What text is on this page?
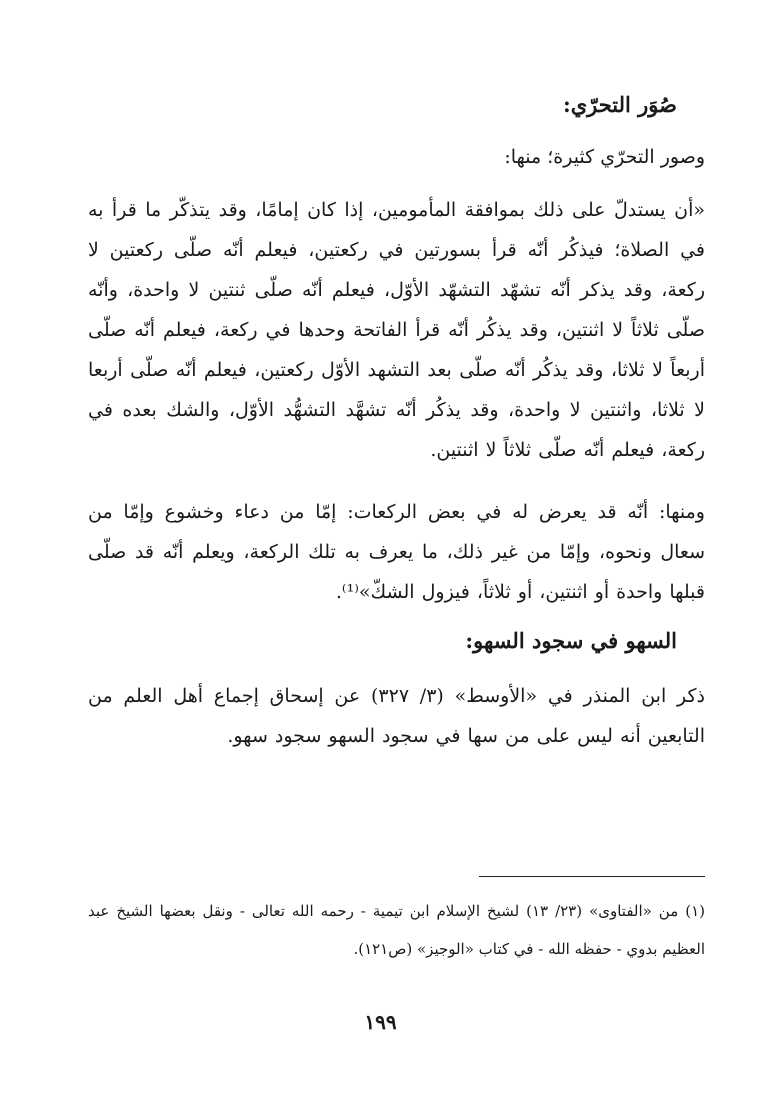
صُوَر التحرّي:
وصور التحرّي كثيرة؛ منها:
«أن يستدلّ على ذلك بموافقة المأمومين، إذا كان إمامًا، وقد يتذكّر ما قرأ به في الصلاة؛ فيذكُر أنّه قرأ بسورتين في ركعتين، فيعلم أنّه صلّى ركعتين لا ركعة، وقد يذكر أنّه تشهّد التشهّد الأوّل، فيعلم أنّه صلّى ثنتين لا واحدة، وأنّه صلّى ثلاثاً لا اثنتين، وقد يذكُر أنّه قرأ الفاتحة وحدها في ركعة، فيعلم أنّه صلّى أربعاً لا ثلاثا، وقد يذكُر أنّه صلّى بعد التشهد الأوّل ركعتين، فيعلم أنّه صلّى أربعا لا ثلاثا، واثنتين لا واحدة، وقد يذكُر أنّه تشهَّد التشهُّد الأوّل، والشك بعده في ركعة، فيعلم أنّه صلّى ثلاثاً لا اثنتين.
ومنها: أنّه قد يعرض له في بعض الركعات: إمّا من دعاء وخشوع وإمّا من سعال ونحوه، وإمّا من غير ذلك، ما يعرف به تلك الركعة، ويعلم أنّه قد صلّى قبلها واحدة أو اثنتين، أو ثلاثاً، فيزول الشكّ»⁽¹⁾.
السهو في سجود السهو:
ذكر ابن المنذر في «الأوسط» (٣/ ٣٢٧) عن إسحاق إجماع أهل العلم من التابعين أنه ليس على من سها في سجود السهو سجود سهو.
(١) من «الفتاوى» (٢٣/ ١٣) لشيخ الإسلام ابن تيمية - رحمه الله تعالى - ونقل بعضها الشيخ عبد العظيم بدوي - حفظه الله - في كتاب «الوجيز» (ص١٢١).
١٩٩
